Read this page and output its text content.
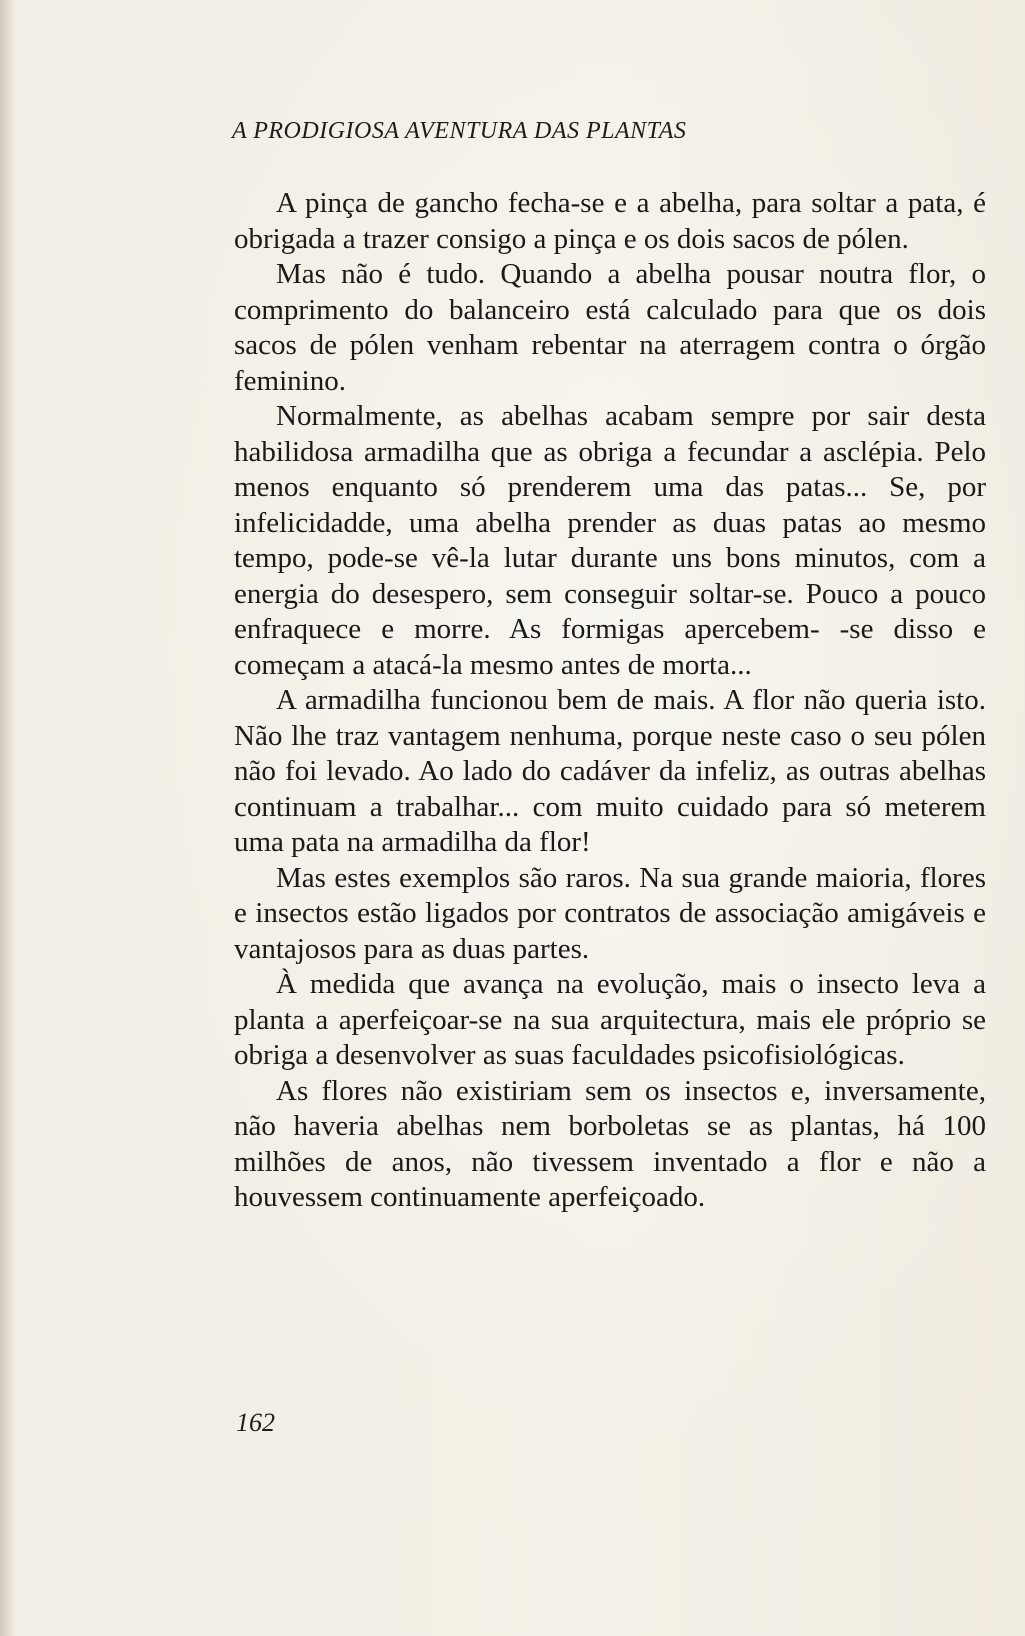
A PRODIGIOSA AVENTURA DAS PLANTAS

A pinça de gancho fecha-se e a abelha, para soltar a pata, é obrigada a trazer consigo a pinça e os dois sacos de pólen.

Mas não é tudo. Quando a abelha pousar noutra flor, o comprimento do balanceiro está calculado para que os dois sacos de pólen venham rebentar na aterragem contra o órgão feminino.

Normalmente, as abelhas acabam sempre por sair desta habilidosa armadilha que as obriga a fecundar a asclépia. Pelo menos enquanto só prenderem uma das patas... Se, por infelicidadde, uma abelha prender as duas patas ao mesmo tempo, pode-se vê-la lutar durante uns bons minutos, com a energia do desespero, sem conseguir soltar-se. Pouco a pouco enfraquece e morre. As formigas apercebem- -se disso e começam a atacá-la mesmo antes de morta...

A armadilha funcionou bem de mais. A flor não queria isto. Não lhe traz vantagem nenhuma, porque neste caso o seu pólen não foi levado. Ao lado do cadáver da infeliz, as outras abelhas continuam a trabalhar... com muito cuidado para só meterem uma pata na armadilha da flor!

Mas estes exemplos são raros. Na sua grande maioria, flores e insectos estão ligados por contratos de associação amigáveis e vantajosos para as duas partes.

À medida que avança na evolução, mais o insecto leva a planta a aperfeiçoar-se na sua arquitectura, mais ele próprio se obriga a desenvolver as suas faculdades psicofisiológicas.

As flores não existiriam sem os insectos e, inversamente, não haveria abelhas nem borboletas se as plantas, há 100 milhões de anos, não tivessem inventado a flor e não a houvessem continuamente aperfeiçoado.

162
